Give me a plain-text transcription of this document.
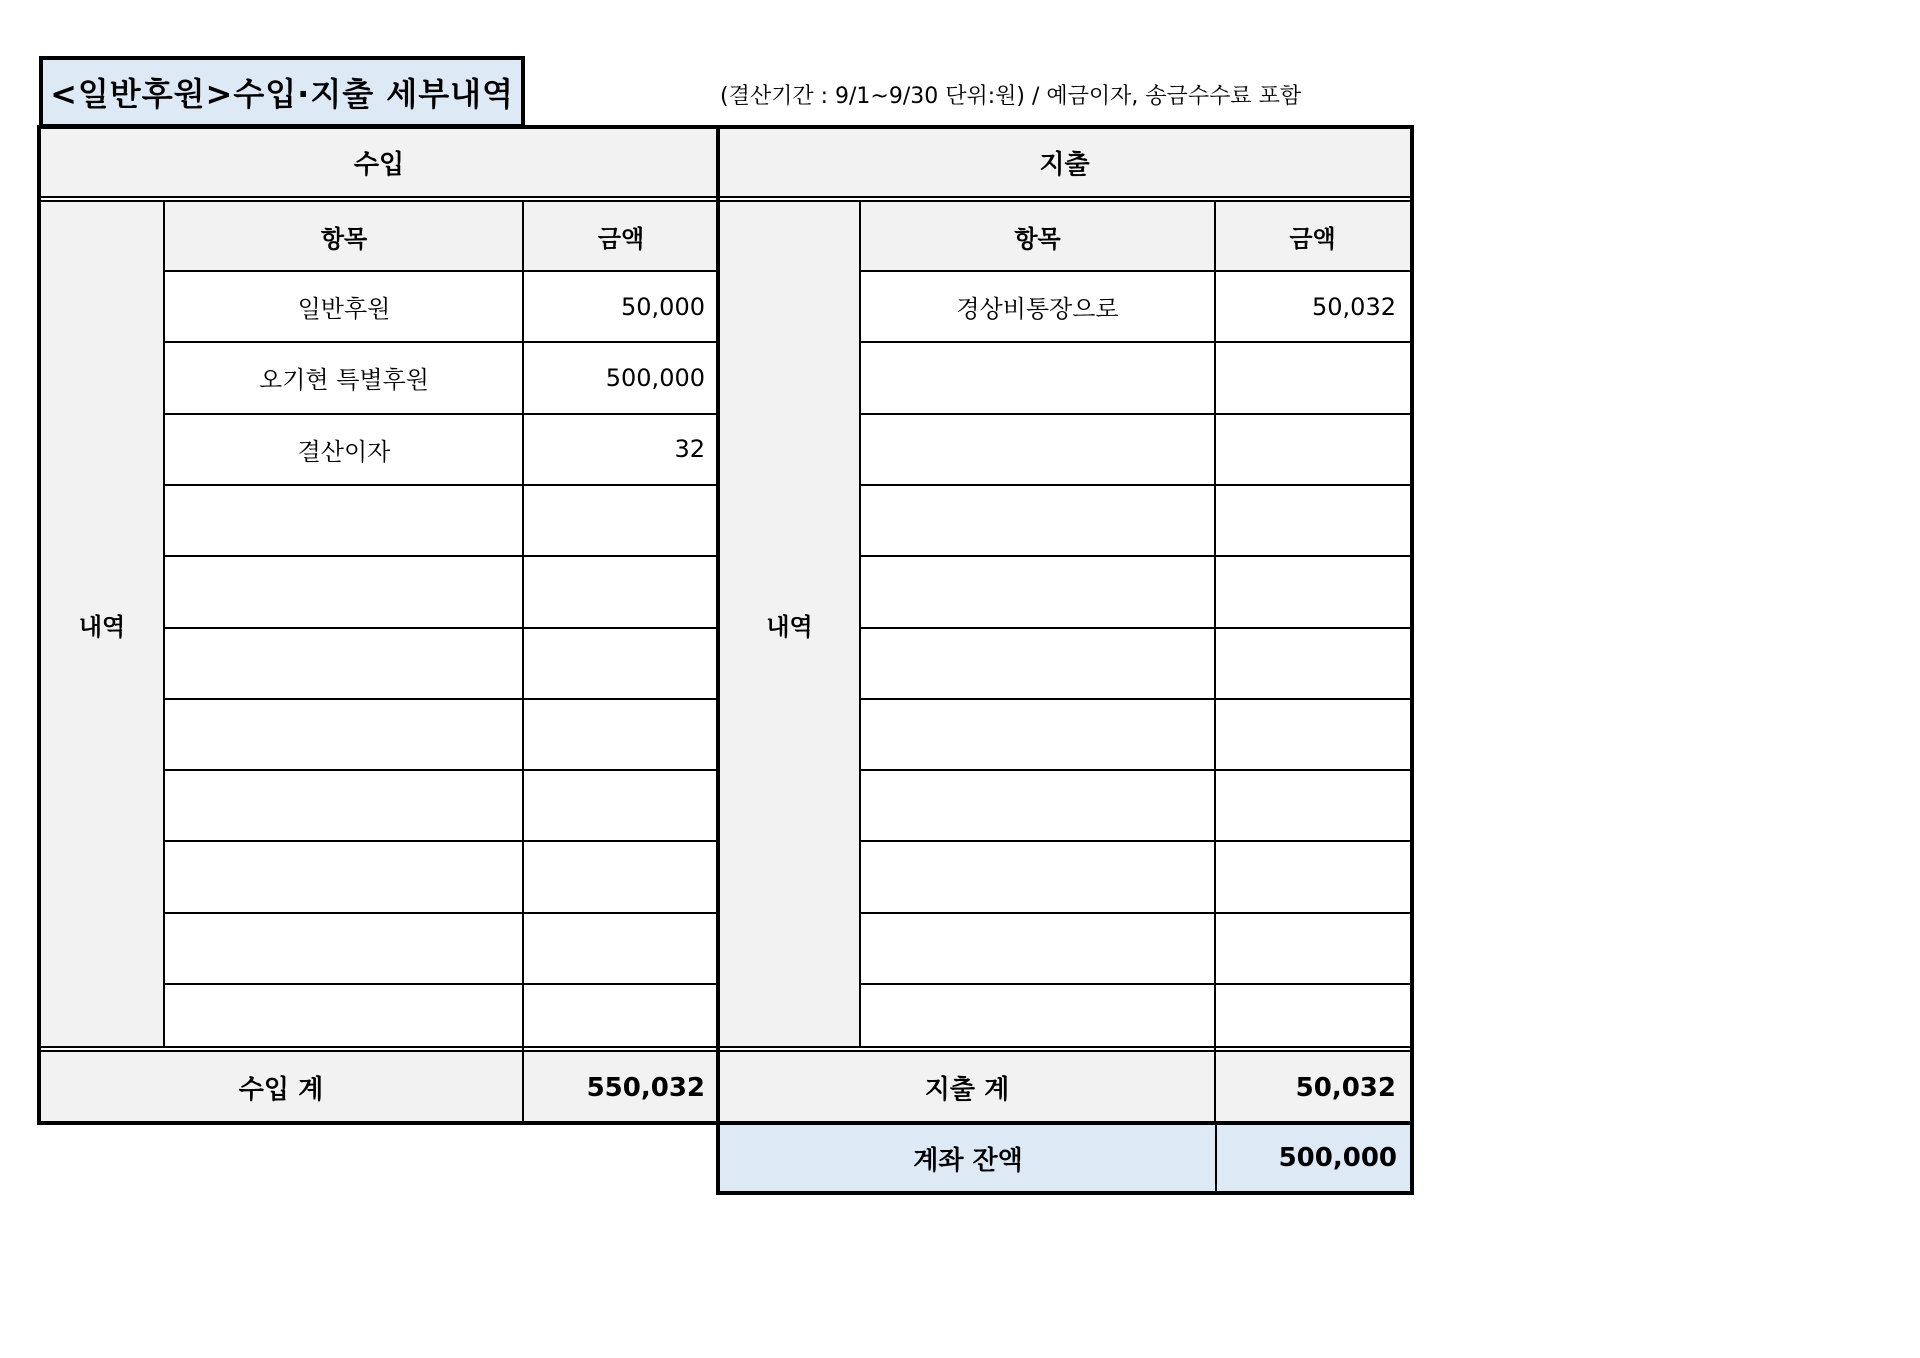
<일반후원>수입·지출 세부내역	(결산기간 : 9/1~9/30 단위:원) / 예금이자, 송금수수료 포함
수입
내역
항목	금액
일반후원	50,000
오기현 특별후원	500,000
결산이자	32
수입 계	550,032
지출
내역
항목	금액
경상비통장으로	50,032
지출 계	50,032
계좌 잔액	500,000
